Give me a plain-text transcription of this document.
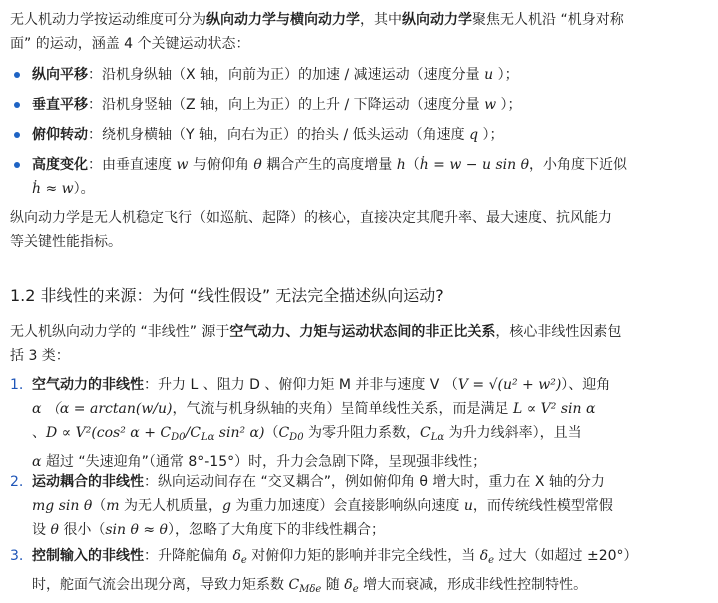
无人机动力学按运动维度可分为纵向动力学与横向动力学，其中纵向动力学聚焦无人机沿 “机身对称
面” 的运动，涵盖 4 个关键运动状态：

纵向平移：沿机身纵轴（X 轴，向前为正）的加速 / 减速运动（速度分量 u ）；
垂直平移：沿机身竖轴（Z 轴，向上为正）的上升 / 下降运动（速度分量 w ）；
俯仰转动：绕机身横轴（Y 轴，向右为正）的抬头 / 低头运动（角速度 q ）；
高度变化：由垂直速度 w 与俯仰角 θ 耦合产生的高度增量 h（ḣ = w − u sin θ，小角度下近似
ḣ ≈ w）。

纵向动力学是无人机稳定飞行（如巡航、起降）的核心，直接决定其爬升率、最大速度、抗风能力
等关键性能指标。

1.2 非线性的来源：为何 “线性假设” 无法完全描述纵向运动?

无人机纵向动力学的 “非线性” 源于空气动力、力矩与运动状态间的非正比关系，核心非线性因素包
括 3 类：

1. 空气动力的非线性：升力 L 、阻力 D 、俯仰力矩 M 并非与速度 V （V = √(u² + w²)）、迎角
α （α = arctan(w/u)，气流与机身纵轴的夹角）呈简单线性关系，而是满足 L ∝ V² sin α
、D ∝ V²(cos² $\alpha + C_{D0}/C_{L\alpha}$ sin² $\alpha)(C_{D0}$ 为零升阻力系数，$C_{L\alpha}$ 为升力线斜率），且当
α 超过 “失速迎角”（通常 8°-15°）时，升力会急剧下降，呈现强非线性；
2. 运动耦合的非线性：纵向运动间存在 “交叉耦合”，例如俯仰角 θ 增大时，重力在 X 轴的分力
mg sin θ（m 为无人机质量，g 为重力加速度）会直接影响纵向速度 u，而传统线性模型常假
设 θ 很小（sin θ ≈ θ），忽略了大角度下的非线性耦合；
3. 控制输入的非线性：升降舵偏角 $\delta_e$ 对俯仰力矩的影响并非完全线性，当 $\delta_e$ 过大（如超过 ±20°）
时，舵面气流会出现分离，导致力矩系数 $C_{M\delta e}$ 随 $\delta_e$ 增大而衰减，形成非线性控制特性。
